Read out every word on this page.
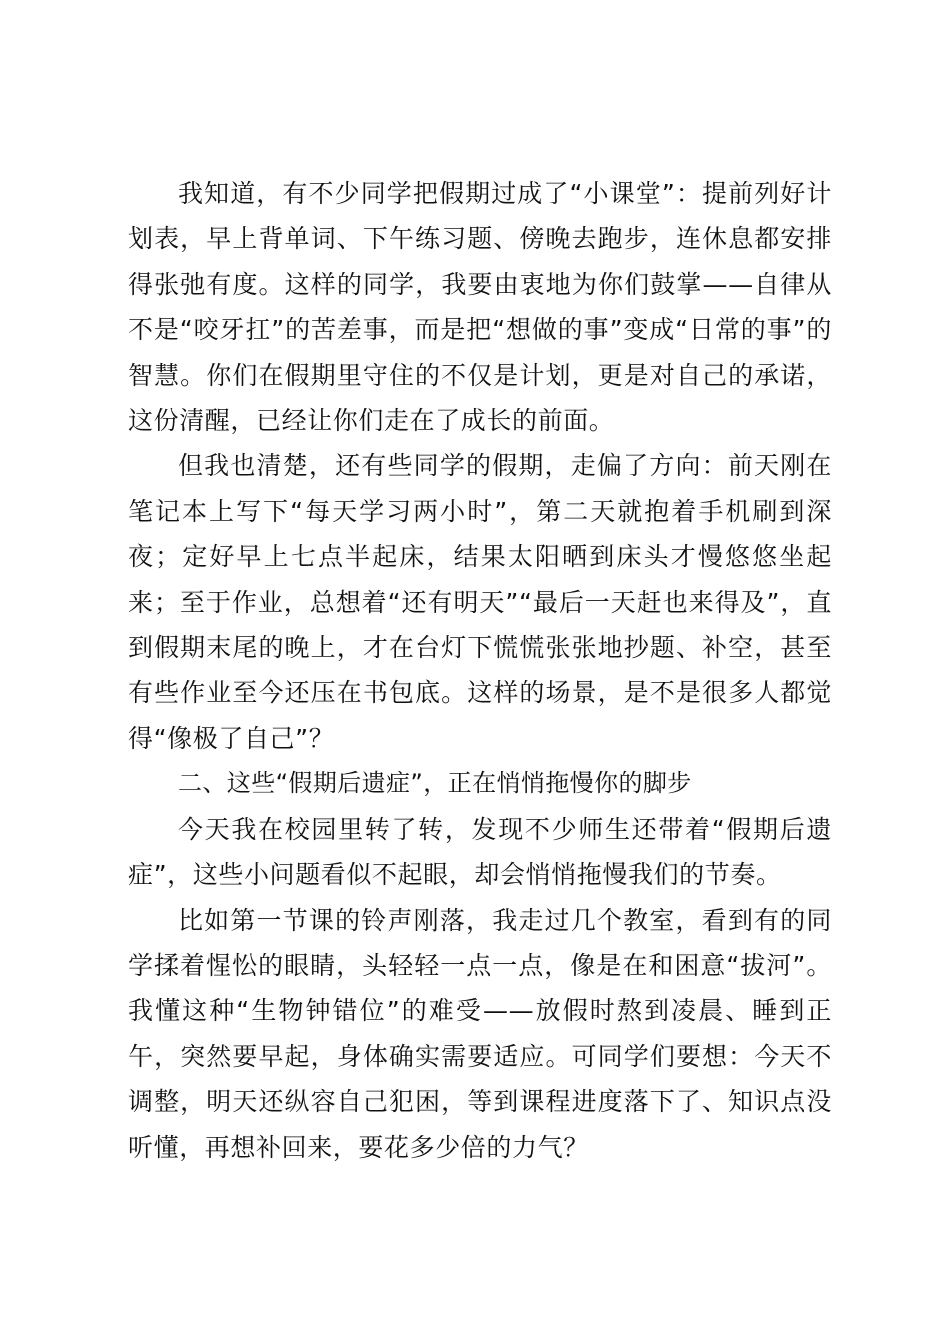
我知道，有不少同学把假期过成了“小课堂”：提前列好计划表，早上背单词、下午练习题、傍晚去跑步，连休息都安排得张弛有度。这样的同学，我要由衷地为你们鼓掌——自律从不是“咬牙扛”的苦差事，而是把“想做的事”变成“日常的事”的智慧。你们在假期里守住的不仅是计划，更是对自己的承诺，这份清醒，已经让你们走在了成长的前面。

但我也清楚，还有些同学的假期，走偏了方向：前天刚在笔记本上写下“每天学习两小时”，第二天就抱着手机刷到深夜；定好早上七点半起床，结果太阳晒到床头才慢悠悠坐起来；至于作业，总想着“还有明天”“最后一天赶也来得及”，直到假期末尾的晚上，才在台灯下慌慌张张地抄题、补空，甚至有些作业至今还压在书包底。这样的场景，是不是很多人都觉得“像极了自己”？

二、这些“假期后遗症”，正在悄悄拖慢你的脚步

今天我在校园里转了转，发现不少师生还带着“假期后遗症”，这些小问题看似不起眼，却会悄悄拖慢我们的节奏。

比如第一节课的铃声刚落，我走过几个教室，看到有的同学揉着惺忪的眼睛，头轻轻一点一点，像是在和困意“拔河”。我懂这种“生物钟错位”的难受——放假时熬到凌晨、睡到正午，突然要早起，身体确实需要适应。可同学们要想：今天不调整，明天还纵容自己犯困，等到课程进度落下了、知识点没听懂，再想补回来，要花多少倍的力气？
